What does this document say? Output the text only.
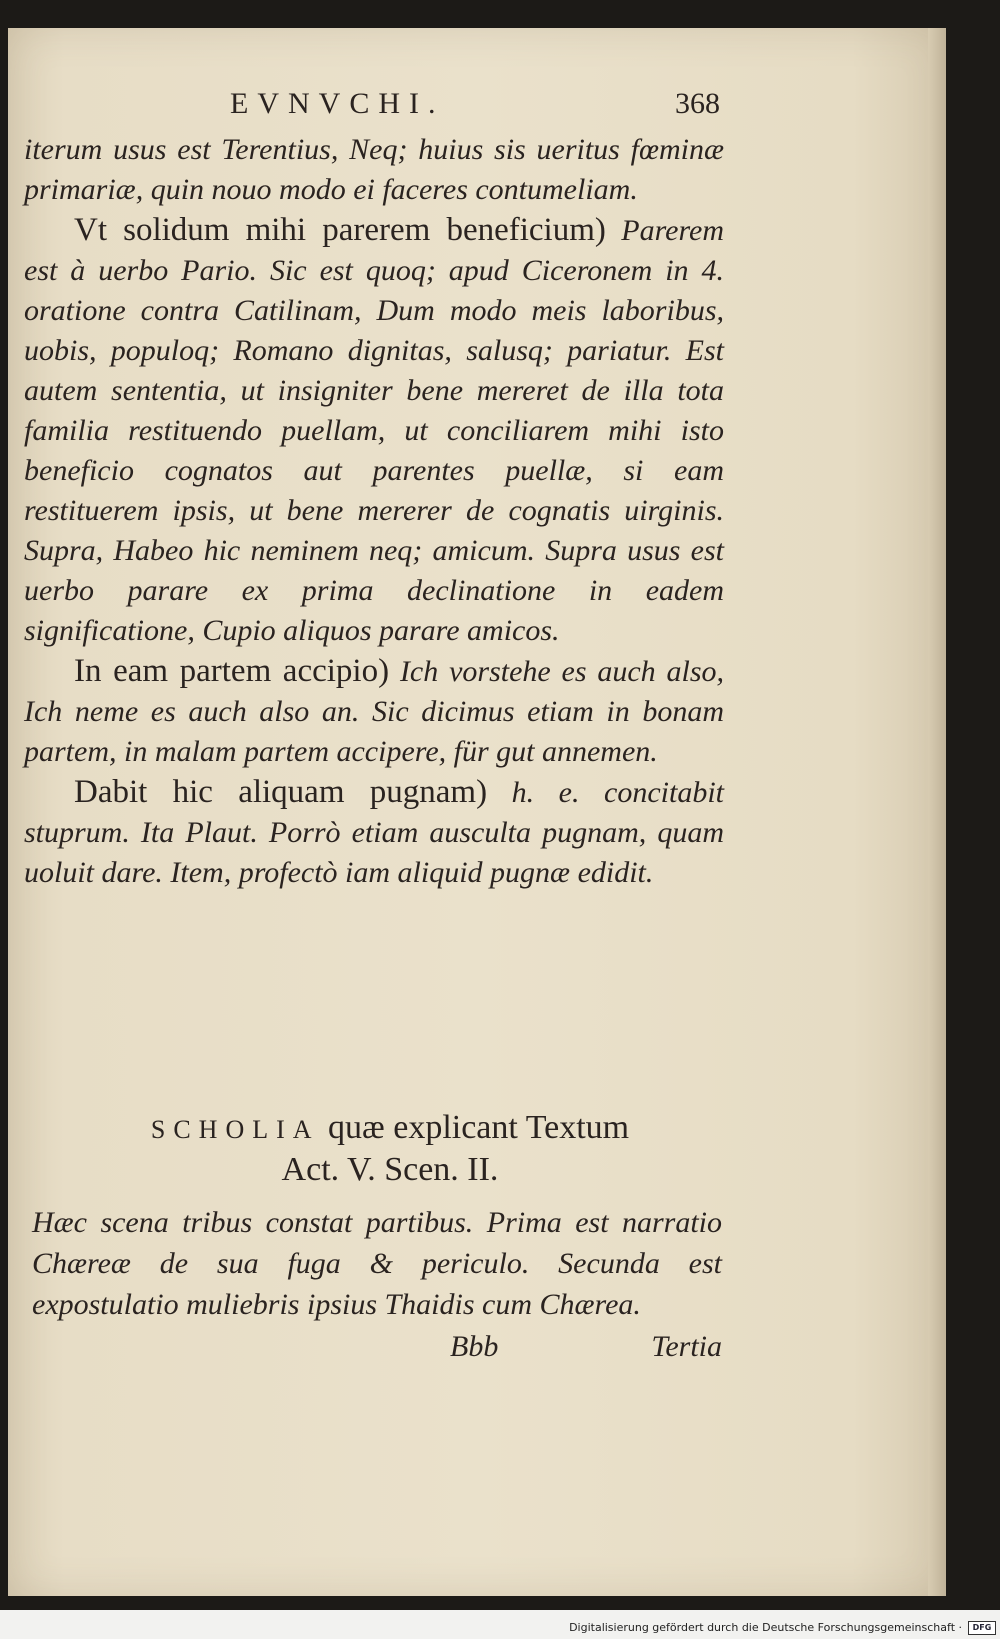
EVNVCHI.	368

iterum usus est Terentius, Neq; huius sis ueritus fœminæ primariæ, quin nouo modo ei faceres contumeliam.

Vt solidum mihi parerem beneficium) Parerem est à uerbo Pario. Sic est quoq; apud Ciceronem in 4. oratione contra Catilinam, Dum modo meis laboribus, uobis, populoq; Romano dignitas, salusq; pariatur. Est autem sententia, ut insigniter bene mereret de illa tota familia restituendo puellam, ut conciliarem mihi isto beneficio cognatos aut parentes puellæ, si eam restituerem ipsis, ut bene mererer de cognatis uirginis. Supra, Habeo hic neminem neq; amicum. Supra usus est uerbo parare ex prima declinatione in eadem significatione, Cupio aliquos parare amicos.

In eam partem accipio) Ich vorstehe es auch also, Ich neme es auch also an. Sic dicimus etiam in bonam partem, in malam partem accipere, für gut annemen.

Dabit hic aliquam pugnam) h. e. concitabit stuprum. Ita Plaut. Porrò etiam ausculta pugnam, quam uoluit dare. Item, profectò iam aliquid pugnæ edidit.

SCHOLIA quæ explicant Textum
Act. V. Scen. II.
Hæc scena tribus constat partibus. Prima est narratio Chæreæ de sua fuga & periculo. Secunda est expostulatio muliebris ipsius Thaidis cum Chærea.
Bbb	Tertia
Digitalisierung gefördert durch die Deutsche Forschungsgemeinschaft ·	DFG
